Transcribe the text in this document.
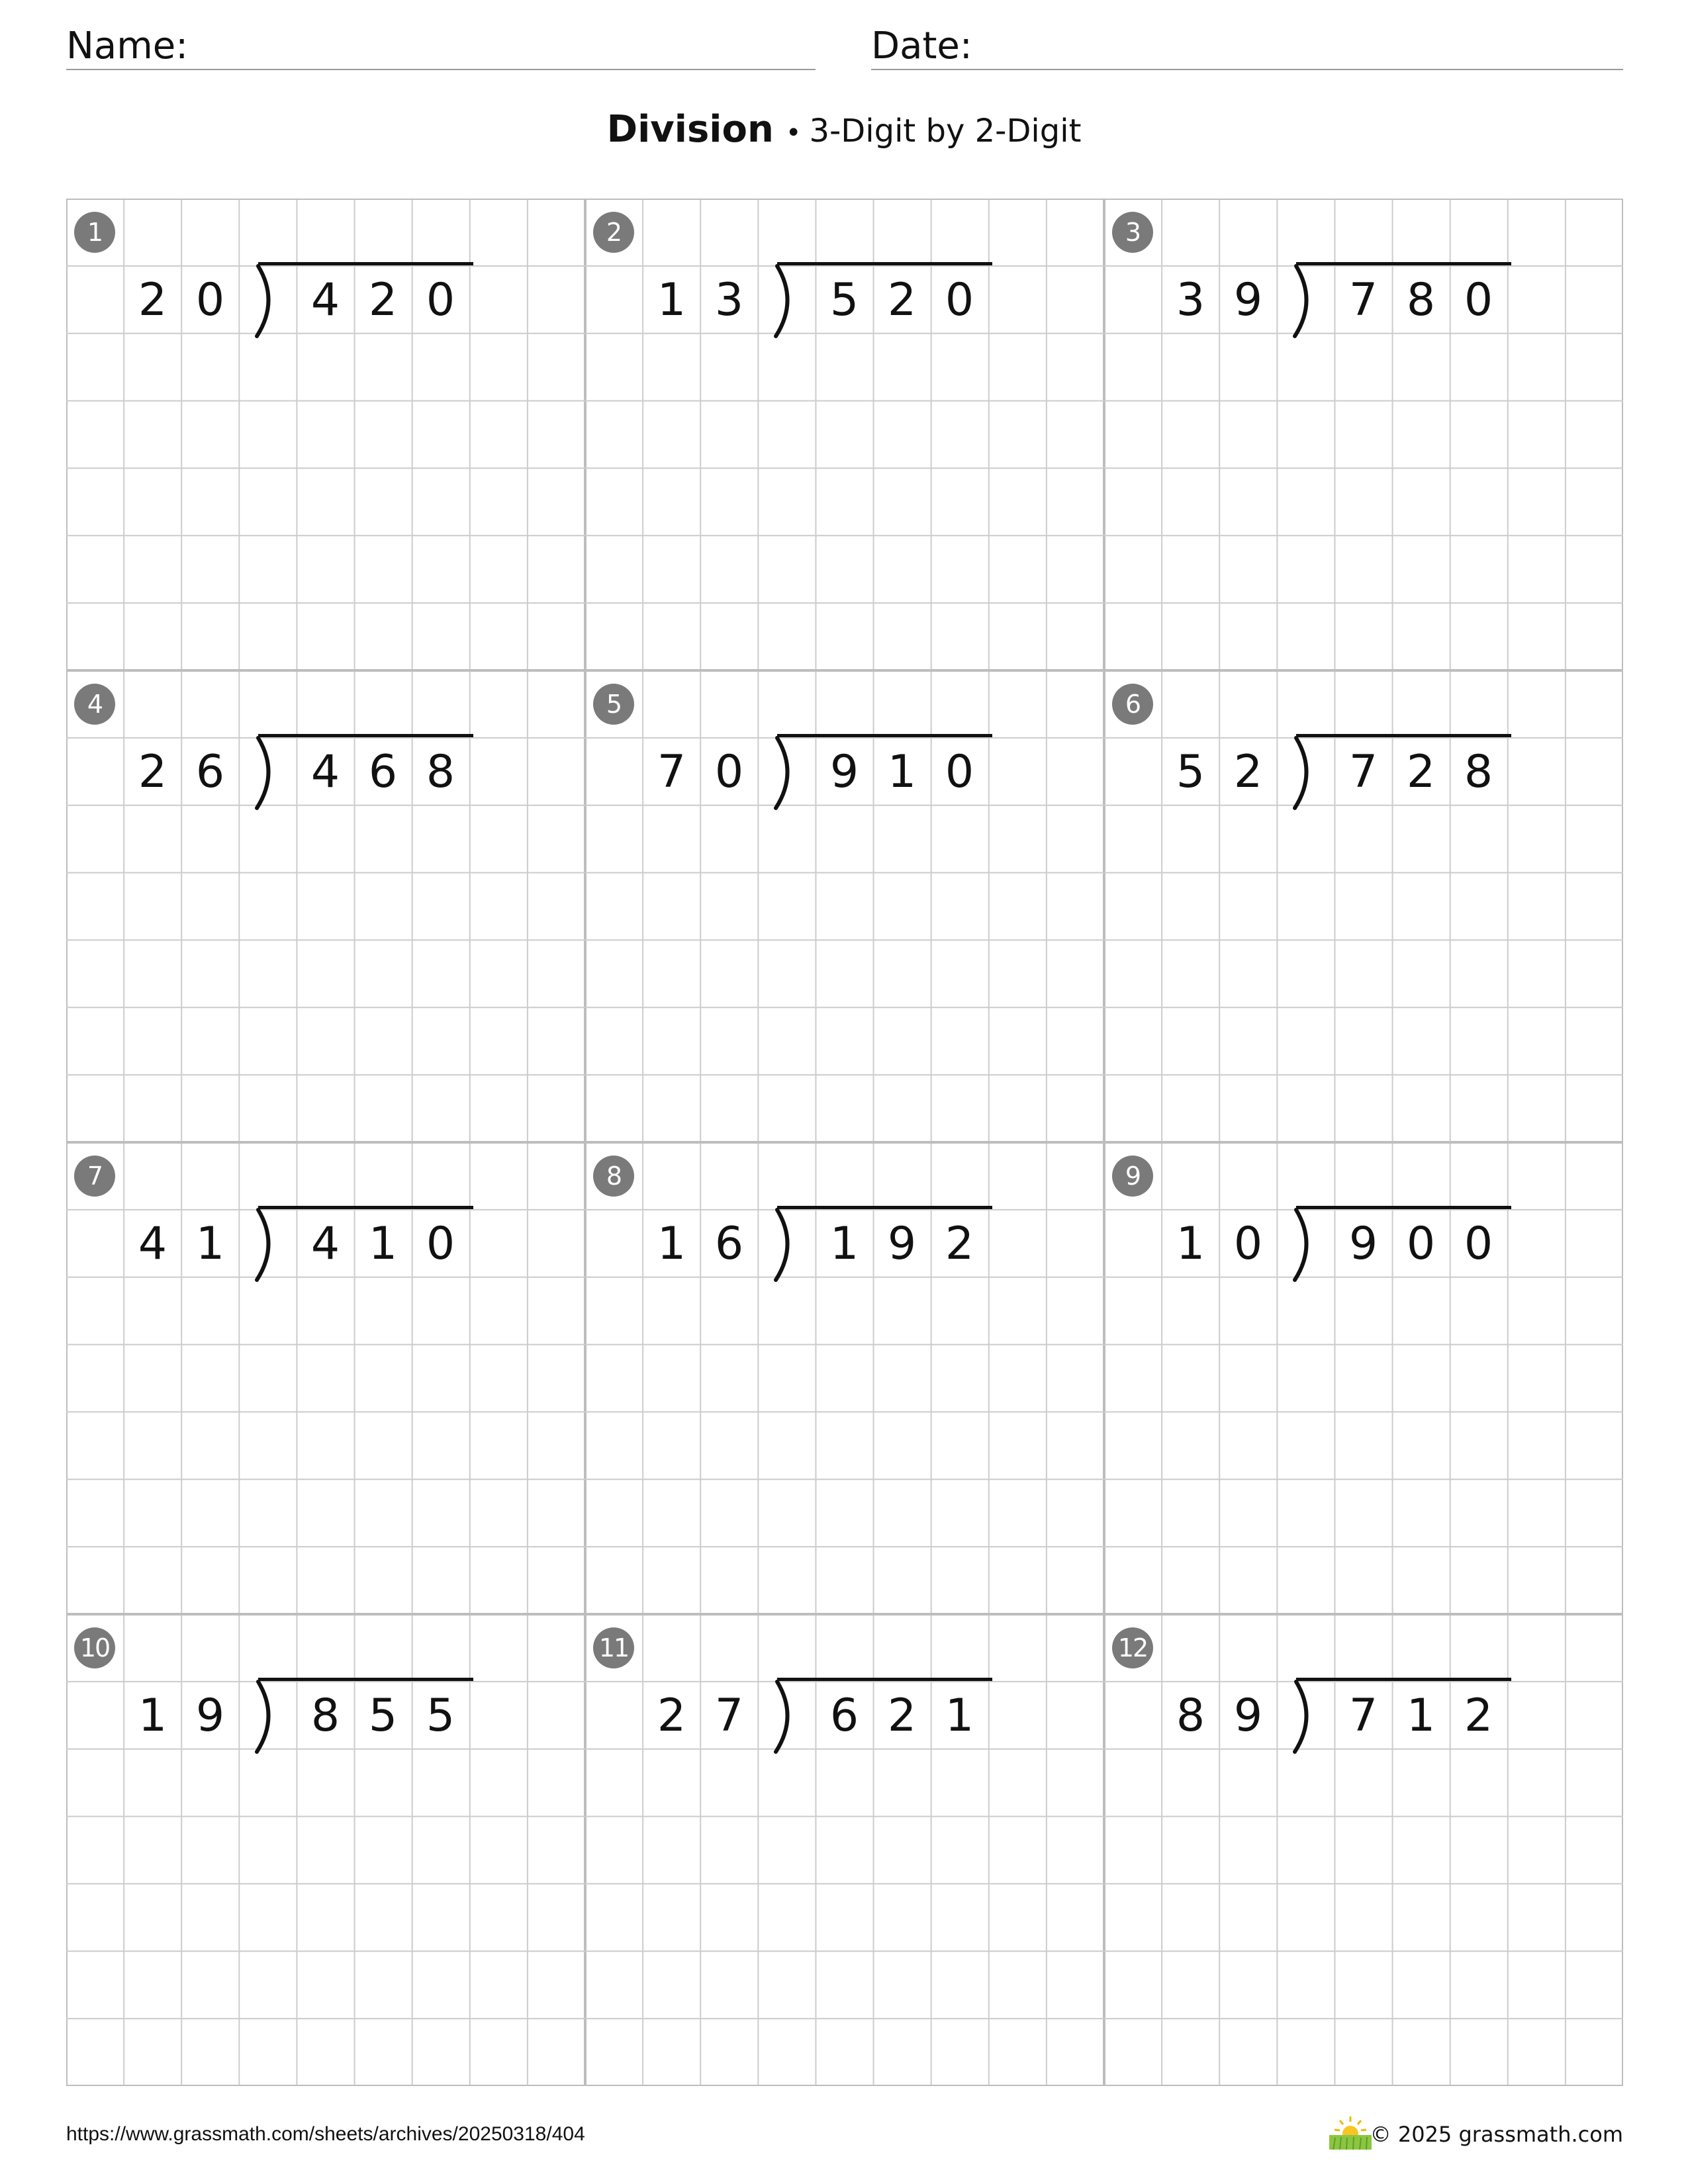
Name:	Date:
Division • 3-Digit by 2-Digit
1
2 0	4 2 0
2
1 3	5 2 0
3
3 9	7 8 0
4
2 6	4 6 8
5
7 0	9 1 0
6
5 2	7 2 8
7
4 1	4 1 0
8
1 6	1 9 2
9
1 0	9 0 0
10
1 9	8 5 5
11
2 7	6 2 1
12
8 9	7 1 2
https://www.grassmath.com/sheets/archives/20250318/404	© 2025 grassmath.com
